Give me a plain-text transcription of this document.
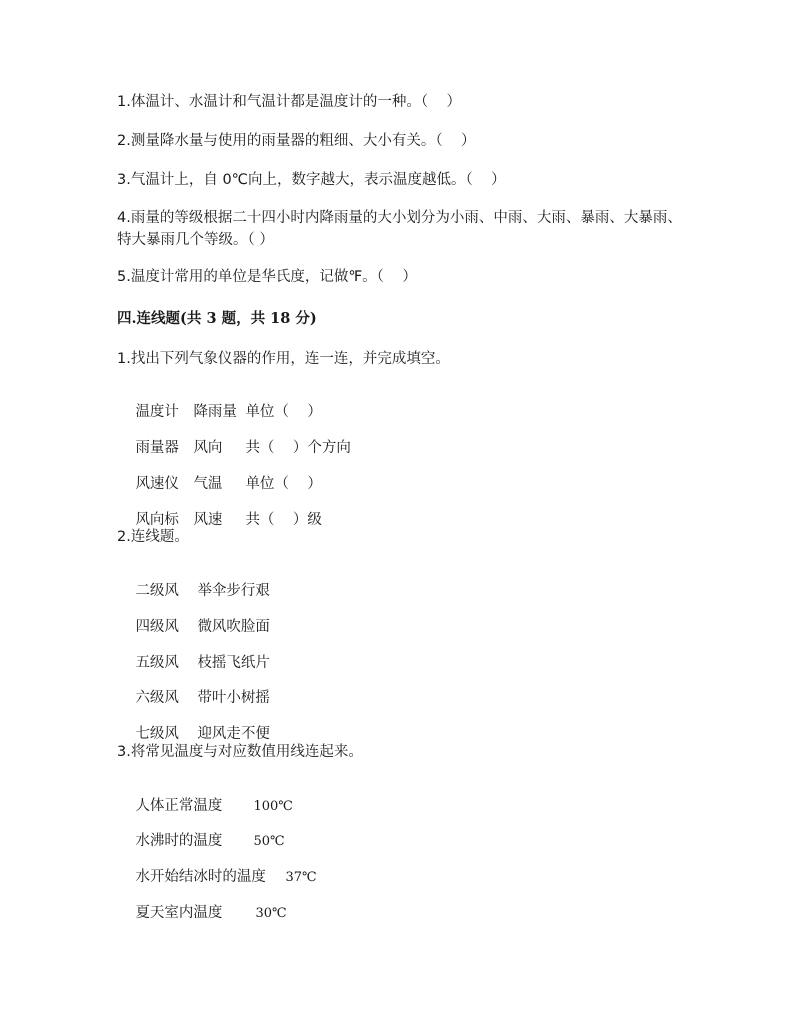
1.体温计、水温计和气温计都是温度计的一种。（    ）
2.测量降水量与使用的雨量器的粗细、大小有关。（    ）
3.气温计上，自 0℃向上，数字越大，表示温度越低。（    ）
4.雨量的等级根据二十四小时内降雨量的大小划分为小雨、中雨、大雨、暴雨、大暴雨、特大暴雨几个等级。（ ）
5.温度计常用的单位是华氏度，记做℉。（    ）
四.连线题(共 3 题，共 18 分)
1.找出下列气象仪器的作用，连一连，并完成填空。

温度计 降雨量 单位（    ）

雨量器 风向 共（    ）个方向

风速仪 气温 单位（    ）

风向标 风速 共（    ）级

2.连线题。

二级风 举伞步行艰

四级风 微风吹脸面

五级风 枝摇飞纸片

六级风 带叶小树摇

七级风 迎风走不便

3.将常见温度与对应数值用线连起来。

人体正常温度 100℃

水沸时的温度 50℃

水开始结冰时的温度 37℃

夏天室内温度	30℃
